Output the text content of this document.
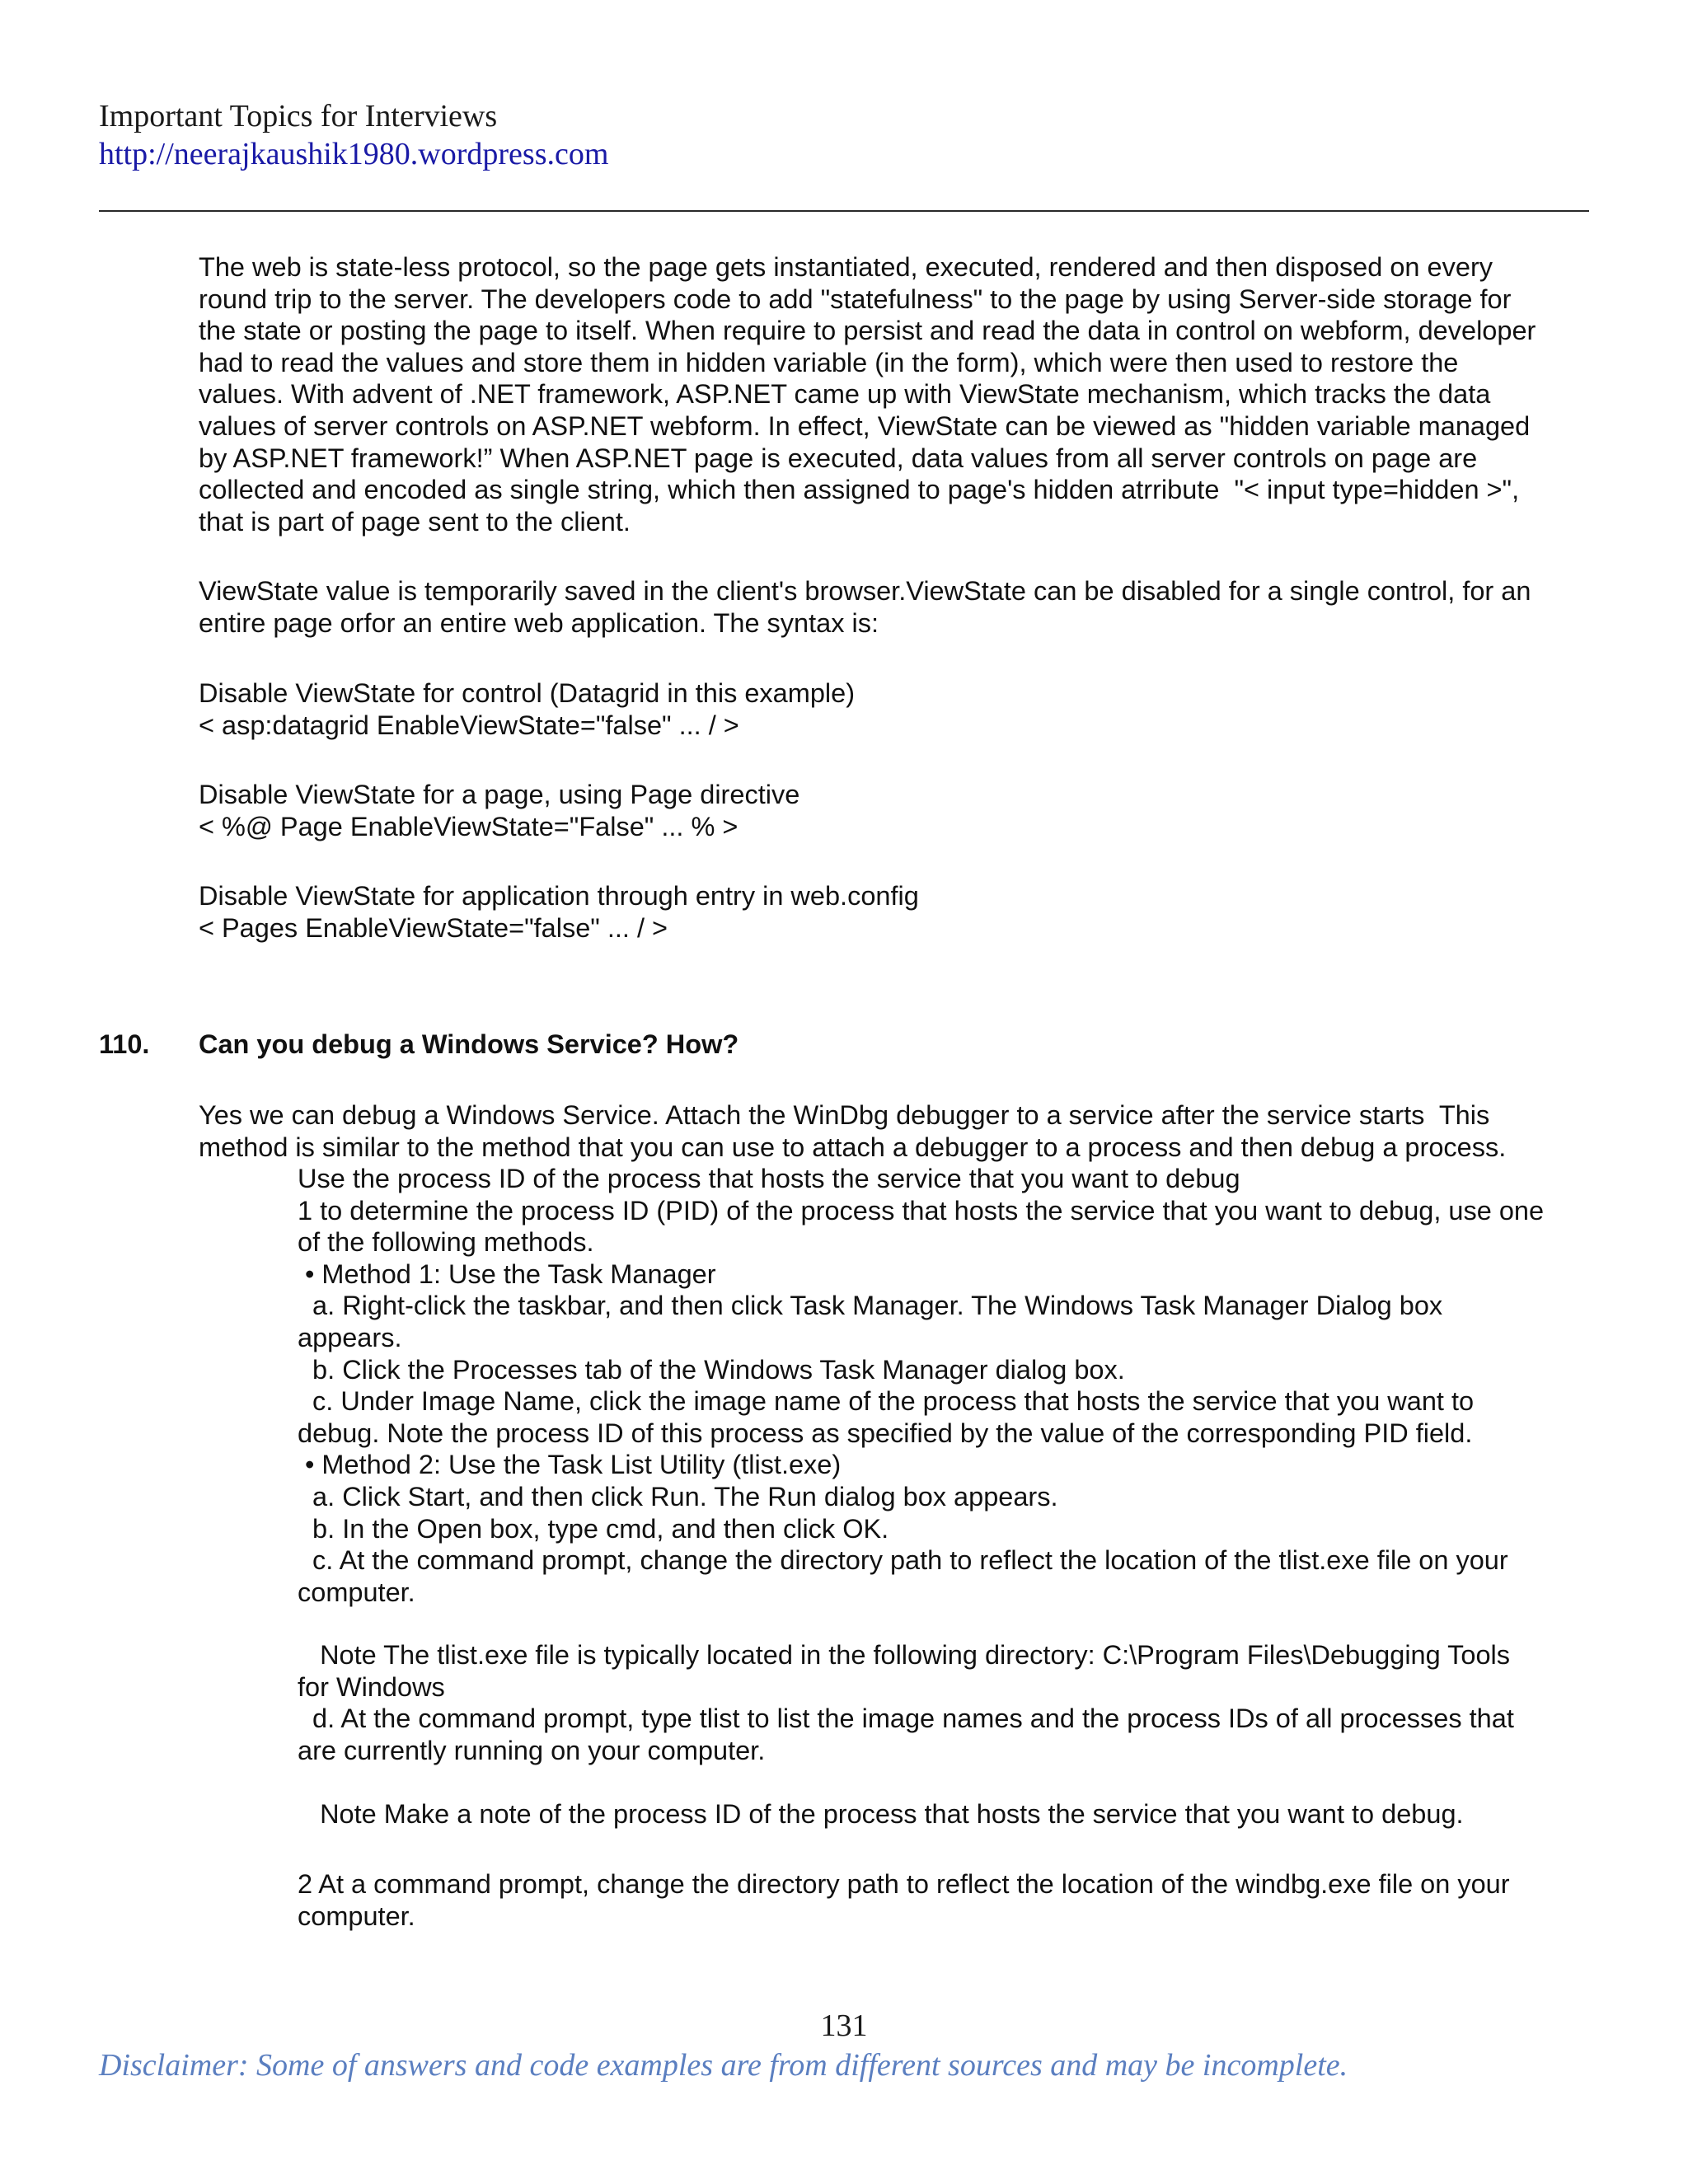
Important Topics for Interviews
http://neerajkaushik1980.wordpress.com

The web is state-less protocol, so the page gets instantiated, executed, rendered and then disposed on every
round trip to the server. The developers code to add "statefulness" to the page by using Server-side storage for
the state or posting the page to itself. When require to persist and read the data in control on webform, developer
had to read the values and store them in hidden variable (in the form), which were then used to restore the
values. With advent of .NET framework, ASP.NET came up with ViewState mechanism, which tracks the data
values of server controls on ASP.NET webform. In effect, ViewState can be viewed as "hidden variable managed
by ASP.NET framework!” When ASP.NET page is executed, data values from all server controls on page are
collected and encoded as single string, which then assigned to page's hidden atrribute  "< input type=hidden >",
that is part of page sent to the client.

ViewState value is temporarily saved in the client's browser.ViewState can be disabled for a single control, for an
entire page orfor an entire web application. The syntax is:

Disable ViewState for control (Datagrid in this example)
< asp:datagrid EnableViewState="false" ... / >

Disable ViewState for a page, using Page directive
< %@ Page EnableViewState="False" ... % >

Disable ViewState for application through entry in web.config
< Pages EnableViewState="false" ... / >

110. Can you debug a Windows Service? How?

Yes we can debug a Windows Service. Attach the WinDbg debugger to a service after the service starts  This
method is similar to the method that you can use to attach a debugger to a process and then debug a process.

Use the process ID of the process that hosts the service that you want to debug
1 to determine the process ID (PID) of the process that hosts the service that you want to debug, use one
of the following methods.
• Method 1: Use the Task Manager
a. Right-click the taskbar, and then click Task Manager. The Windows Task Manager Dialog box
appears.
b. Click the Processes tab of the Windows Task Manager dialog box.
c. Under Image Name, click the image name of the process that hosts the service that you want to
debug. Note the process ID of this process as specified by the value of the corresponding PID field.
• Method 2: Use the Task List Utility (tlist.exe)
a. Click Start, and then click Run. The Run dialog box appears.
b. In the Open box, type cmd, and then click OK.
c. At the command prompt, change the directory path to reflect the location of the tlist.exe file on your
computer.

Note The tlist.exe file is typically located in the following directory: C:\Program Files\Debugging Tools
for Windows
d. At the command prompt, type tlist to list the image names and the process IDs of all processes that
are currently running on your computer.

Note Make a note of the process ID of the process that hosts the service that you want to debug.

2 At a command prompt, change the directory path to reflect the location of the windbg.exe file on your
computer.

131
Disclaimer: Some of answers and code examples are from different sources and may be incomplete.
